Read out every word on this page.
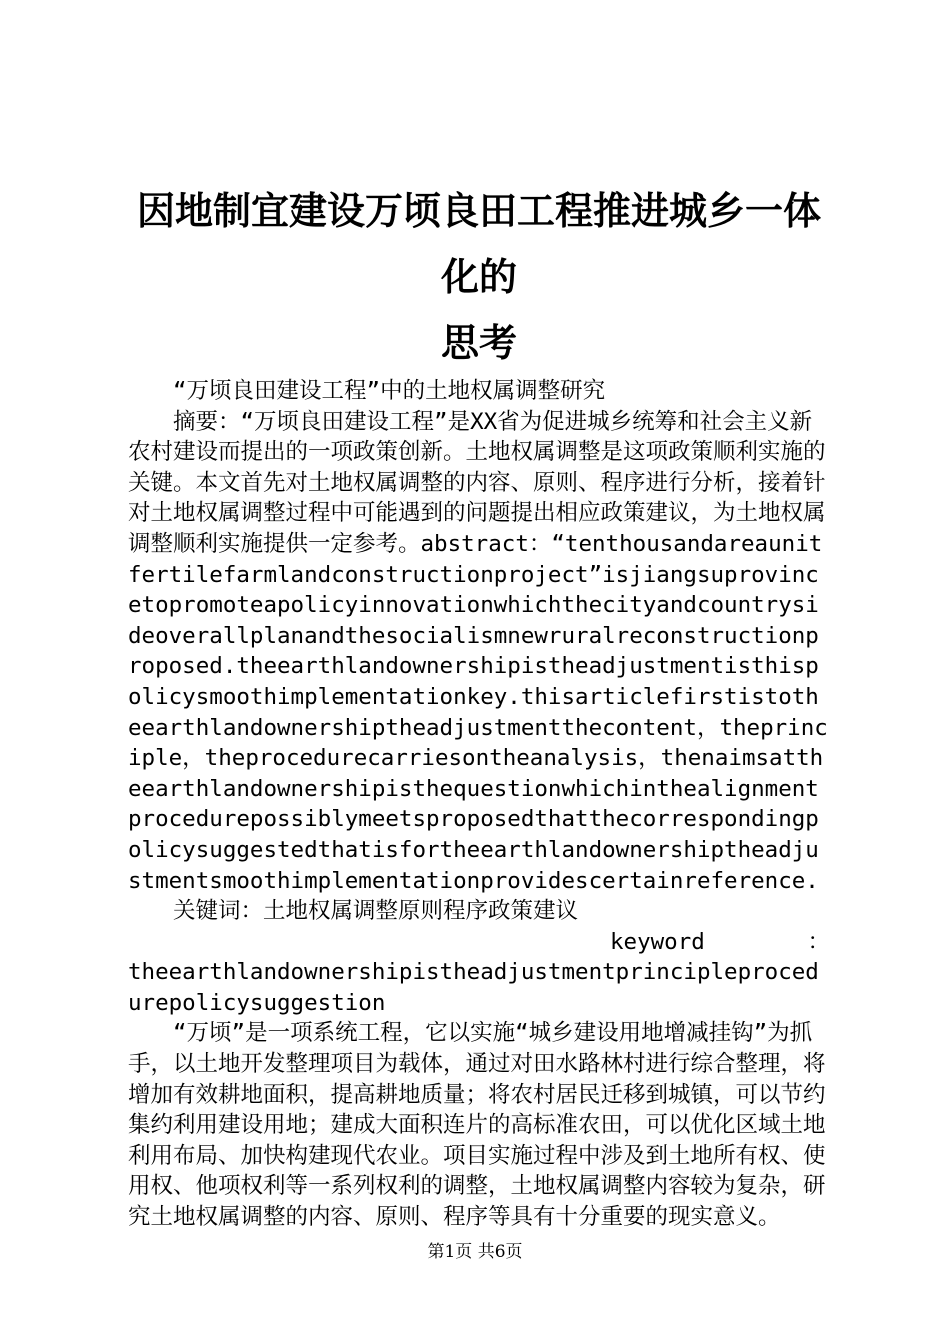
因地制宜建设万顷良田工程推进城乡一体化的
思考

“万顷良田建设工程”中的土地权属调整研究

摘要：“万顷良田建设工程”是XX省为促进城乡统筹和社会主义新农村建设而提出的一项政策创新。土地权属调整是这项政策顺利实施的关键。本文首先对土地权属调整的内容、原则、程序进行分析，接着针对土地权属调整过程中可能遇到的问题提出相应政策建议，为土地权属调整顺利实施提供一定参考。abstract：“tenthousandareaunitfertilefarmlandconstructionproject”isjiangsuprovincetopromoteapolicyinnovationwhichthecityandcountrysideoverallplanandthesocialismnewruralreconstructionproposed.theearthlandownershipistheadjustmentisthispolicysmoothimplementationkey.thisarticlefirstistotheearthlandownershiptheadjustmentthecontent，theprinciple，theprocedurecarriesontheanalysis，thenaimsattheearthlandownershipisthequestionwhichinthealignmentprocedurepossiblymeetsproposedthatthecorrespondingpolicysuggestedthatisfortheearthlandownershiptheadjustmentsmoothimplementationprovidescertainreference.

关键词：土地权属调整原则程序政策建议

keyword	：

theearthlandownershipistheadjustmentprincipleprocedurepolicysuggestion

“万顷”是一项系统工程，它以实施“城乡建设用地增减挂钩”为抓手，以土地开发整理项目为载体，通过对田水路林村进行综合整理，将增加有效耕地面积，提高耕地质量；将农村居民迁移到城镇，可以节约集约利用建设用地；建成大面积连片的高标准农田，可以优化区域土地利用布局、加快构建现代农业。项目实施过程中涉及到土地所有权、使用权、他项权利等一系列权利的调整，土地权属调整内容较为复杂，研究土地权属调整的内容、原则、程序等具有十分重要的现实意义。

第1页 共6页
